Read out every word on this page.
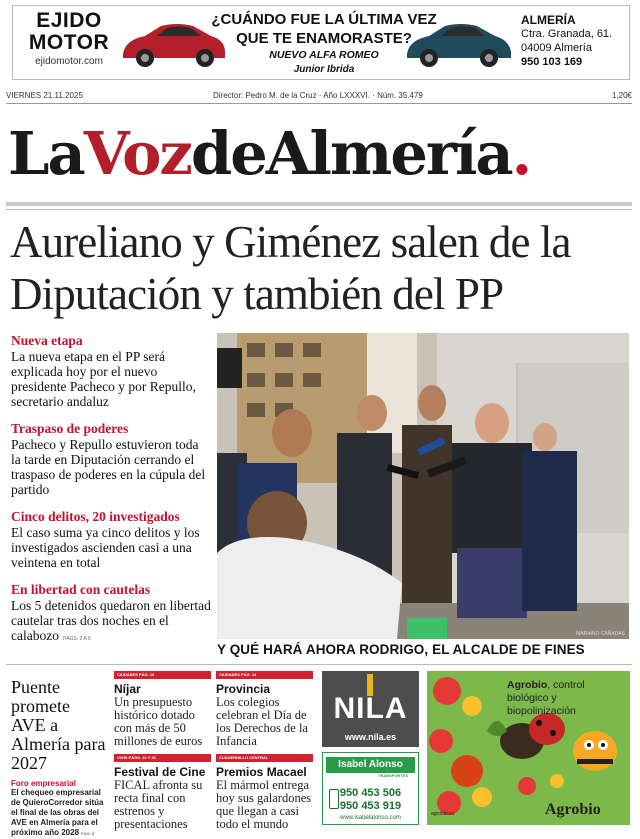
EJIDO
MOTOR
ejidomotor.com
¿CUÁNDO FUE LA ÚLTIMA VEZ QUE TE ENAMORASTE?
NUEVO ALFA ROMEO
Junior Ibrida
ALMERÍA
Ctra. Granada, 61.
04009 Almería
950 103 169
VIERNES 21.11.2025	Director: Pedro M. de la Cruz · Año LXXXVI. · Núm. 35.479	1,20€
LaVozdeAlmería.
Aureliano y Giménez salen de la Diputación y también del PP
Nueva etapa
La nueva etapa en el PP será explicada hoy por el nuevo presidente Pacheco y por Repullo, secretario andaluz
Traspaso de poderes
Pacheco y Repullo estuvieron toda la tarde en Diputación cerrando el traspaso de poderes en la cúpula del partido
Cinco delitos, 20 investigados
El caso suma ya cinco delitos y los investigados ascienden casi a una veintena en total
En libertad con cautelas
Los 5 detenidos quedaron en libertad cautelar tras dos noches en el calabozo PÁGS. 2 A 6
MARIANO CAÑADAS
Y QUÉ HARÁ AHORA RODRIGO, EL ALCALDE DE FINES
Puente promete AVE a Almería para 2027
Foro empresarial
El chequeo empresarial de QuieroCorredor sitúa el final de las obras del AVE en Almería para el próximo año 2028 PÁG. 8
CIUDADES PÁG. 16
Níjar
Un presupuesto histórico dotado con más de 50 millones de euros
CIUDADES PÁG. 14
Provincia
Los colegios celebran el Día de los Derechos de la Infancia
VIVIR PÁGS. 32 Y 33
Festival de Cine
FICAL afronta su recta final con estrenos y presentaciones
CUADERNILLO CENTRAL
Premios Macael
El mármol entrega hoy sus galardones que llegan a casi todo el mundo
NILA
www.nila.es
Isabel Alonso
TRANSPORTES
950 453 506
950 453 919
www.isabelalonso.com
Agrobio, control biológico y biopolinización
Agrobio
agrobio.es
